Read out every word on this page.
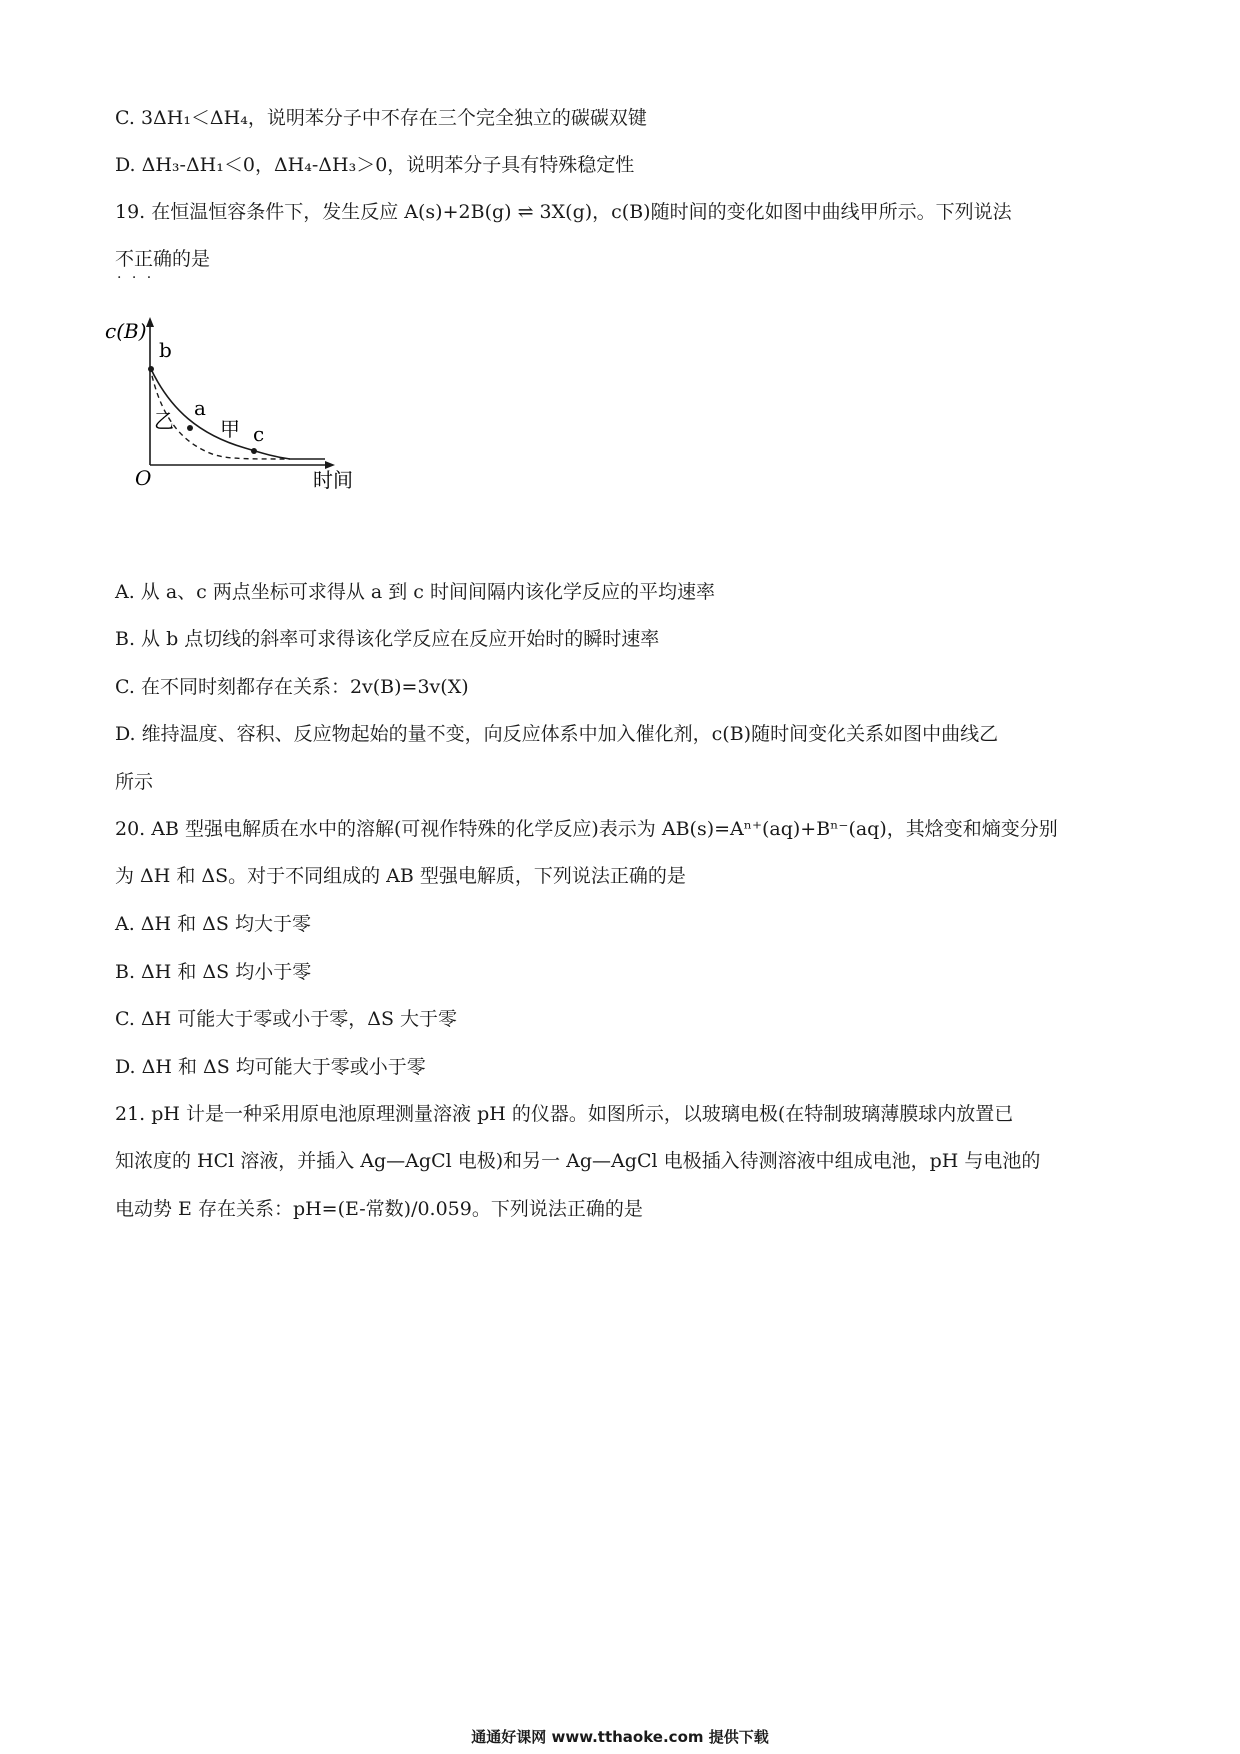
C. 3ΔH₁＜ΔH₄，说明苯分子中不存在三个完全独立的碳碳双键
D. ΔH₃-ΔH₁＜0，ΔH₄-ΔH₃＞0，说明苯分子具有特殊稳定性
19. 在恒温恒容条件下，发生反应 A(s)+2B(g) ⇌ 3X(g)，c(B)随时间的变化如图中曲线甲所示。下列说法
不正确 · · ·的是
c(B)
b
a
甲
乙
c
O	时间
A. 从 a、c 两点坐标可求得从 a 到 c 时间间隔内该化学反应的平均速率
B. 从 b 点切线的斜率可求得该化学反应在反应开始时的瞬时速率
C. 在不同时刻都存在关系：2v(B)=3v(X)
D. 维持温度、容积、反应物起始的量不变，向反应体系中加入催化剂，c(B)随时间变化关系如图中曲线乙
所示
20. AB 型强电解质在水中的溶解(可视作特殊的化学反应)表示为 AB(s)=Aⁿ⁺(aq)+Bⁿ⁻(aq)，其焓变和熵变分别
为 ΔH 和 ΔS。对于不同组成的 AB 型强电解质，下列说法正确的是
A. ΔH 和 ΔS 均大于零
B. ΔH 和 ΔS 均小于零
C. ΔH 可能大于零或小于零，ΔS 大于零
D. ΔH 和 ΔS 均可能大于零或小于零
21. pH 计是一种采用原电池原理测量溶液 pH 的仪器。如图所示，以玻璃电极(在特制玻璃薄膜球内放置已
知浓度的 HCl 溶液，并插入 Ag—AgCl 电极)和另一 Ag—AgCl 电极插入待测溶液中组成电池，pH 与电池的
电动势 E 存在关系：pH=(E-常数)/0.059。下列说法正确的是
通通好课网 www.tthaoke.com 提供下载
